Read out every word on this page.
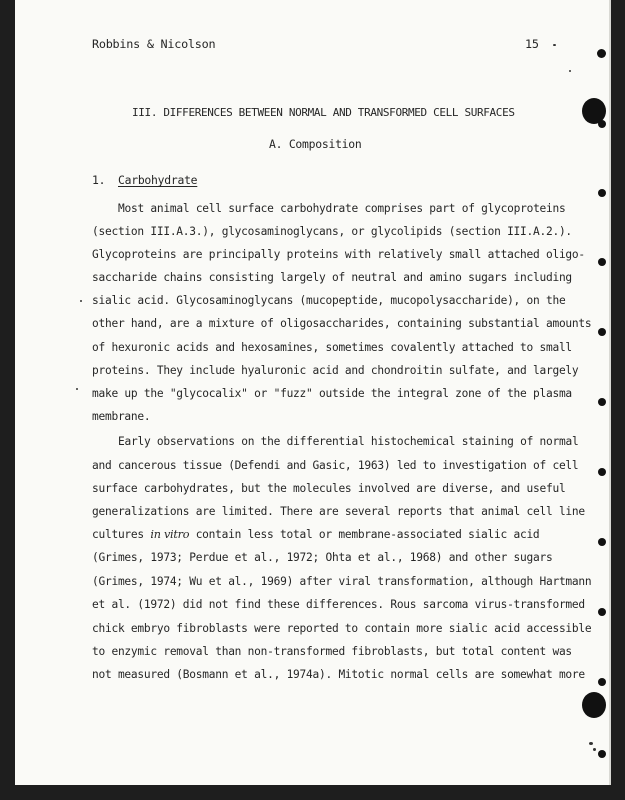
Robbins & Nicolson	15
III. DIFFERENCES BETWEEN NORMAL AND TRANSFORMED CELL SURFACES
A. Composition
1. Carbohydrate
Most animal cell surface carbohydrate comprises part of glycoproteins
(section III.A.3.), glycosaminoglycans, or glycolipids (section III.A.2.).
Glycoproteins are principally proteins with relatively small attached oligo-
saccharide chains consisting largely of neutral and amino sugars including
sialic acid. Glycosaminoglycans (mucopeptide, mucopolysaccharide), on the
other hand, are a mixture of oligosaccharides, containing substantial amounts
of hexuronic acids and hexosamines, sometimes covalently attached to small
proteins. They include hyaluronic acid and chondroitin sulfate, and largely
make up the "glycocalix" or "fuzz" outside the integral zone of the plasma
membrane.
Early observations on the differential histochemical staining of normal
and cancerous tissue (Defendi and Gasic, 1963) led to investigation of cell
surface carbohydrates, but the molecules involved are diverse, and useful
generalizations are limited. There are several reports that animal cell line
cultures in vitro contain less total or membrane-associated sialic acid
(Grimes, 1973; Perdue et al., 1972; Ohta et al., 1968) and other sugars
(Grimes, 1974; Wu et al., 1969) after viral transformation, although Hartmann
et al. (1972) did not find these differences. Rous sarcoma virus-transformed
chick embryo fibroblasts were reported to contain more sialic acid accessible
to enzymic removal than non-transformed fibroblasts, but total content was
not measured (Bosmann et al., 1974a). Mitotic normal cells are somewhat more
